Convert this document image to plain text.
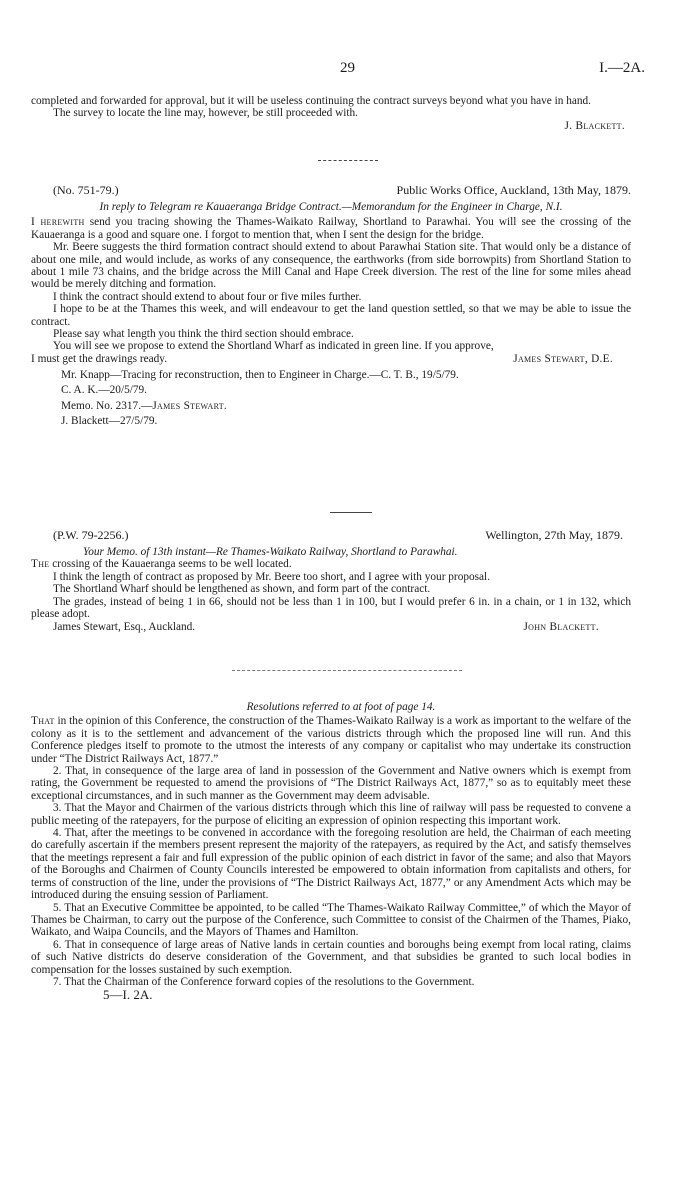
29	I.—2A.

completed and forwarded for approval, but it will be useless continuing the contract surveys beyond what you have in hand.

The survey to locate the line may, however, be still proceeded with.

J. Blackett.

(No. 751-79.)	Public Works Office, Auckland, 13th May, 1879.

In reply to Telegram re Kauaeranga Bridge Contract.—Memorandum for the Engineer in Charge, N.I.

I herewith send you tracing showing the Thames-Waikato Railway, Shortland to Parawhai. You will see the crossing of the Kauaeranga is a good and square one. I forgot to mention that, when I sent the design for the bridge.

Mr. Beere suggests the third formation contract should extend to about Parawhai Station site. That would only be a distance of about one mile, and would include, as works of any consequence, the earthworks (from side borrowpits) from Shortland Station to about 1 mile 73 chains, and the bridge across the Mill Canal and Hape Creek diversion. The rest of the line for some miles ahead would be merely ditching and formation.

I think the contract should extend to about four or five miles further.

I hope to be at the Thames this week, and will endeavour to get the land question settled, so that we may be able to issue the contract.

Please say what length you think the third section should embrace.

You will see we propose to extend the Shortland Wharf as indicated in green line. If you approve,

I must get the drawings ready.	James Stewart, D.E.

Mr. Knapp—Tracing for reconstruction, then to Engineer in Charge.—C. T. B., 19/5/79.

C. A. K.—20/5/79.

Memo. No. 2317.—James Stewart.

J. Blackett—27/5/79.

(P.W. 79-2256.)	Wellington, 27th May, 1879.

Your Memo. of 13th instant—Re Thames-Waikato Railway, Shortland to Parawhai.

The crossing of the Kauaeranga seems to be well located.

I think the length of contract as proposed by Mr. Beere too short, and I agree with your proposal.

The Shortland Wharf should be lengthened as shown, and form part of the contract.

The grades, instead of being 1 in 66, should not be less than 1 in 100, but I would prefer 6 in. in a chain, or 1 in 132, which please adopt.

James Stewart, Esq., Auckland.	John Blackett.

Resolutions referred to at foot of page 14.

That in the opinion of this Conference, the construction of the Thames-Waikato Railway is a work as important to the welfare of the colony as it is to the settlement and advancement of the various districts through which the proposed line will run. And this Conference pledges itself to promote to the utmost the interests of any company or capitalist who may undertake its construction under “The District Railways Act, 1877.”

2. That, in consequence of the large area of land in possession of the Government and Native owners which is exempt from rating, the Government be requested to amend the provisions of “The District Railways Act, 1877,” so as to equitably meet these exceptional circumstances, and in such manner as the Government may deem advisable.

3. That the Mayor and Chairmen of the various districts through which this line of railway will pass be requested to convene a public meeting of the ratepayers, for the purpose of eliciting an expression of opinion respecting this important work.

4. That, after the meetings to be convened in accordance with the foregoing resolution are held, the Chairman of each meeting do carefully ascertain if the members present represent the majority of the ratepayers, as required by the Act, and satisfy themselves that the meetings represent a fair and full expression of the public opinion of each district in favor of the same; and also that Mayors of the Boroughs and Chairmen of County Councils interested be empowered to obtain information from capitalists and others, for terms of construction of the line, under the provisions of “The District Railways Act, 1877,” or any Amendment Acts which may be introduced during the ensuing session of Parliament.

5. That an Executive Committee be appointed, to be called “The Thames-Waikato Railway Committee,” of which the Mayor of Thames be Chairman, to carry out the purpose of the Conference, such Committee to consist of the Chairmen of the Thames, Piako, Waikato, and Waipa Councils, and the Mayors of Thames and Hamilton.

6. That in consequence of large areas of Native lands in certain counties and boroughs being exempt from local rating, claims of such Native districts do deserve consideration of the Government, and that subsidies be granted to such local bodies in compensation for the losses sustained by such exemption.

7. That the Chairman of the Conference forward copies of the resolutions to the Government.

5—I. 2A.
